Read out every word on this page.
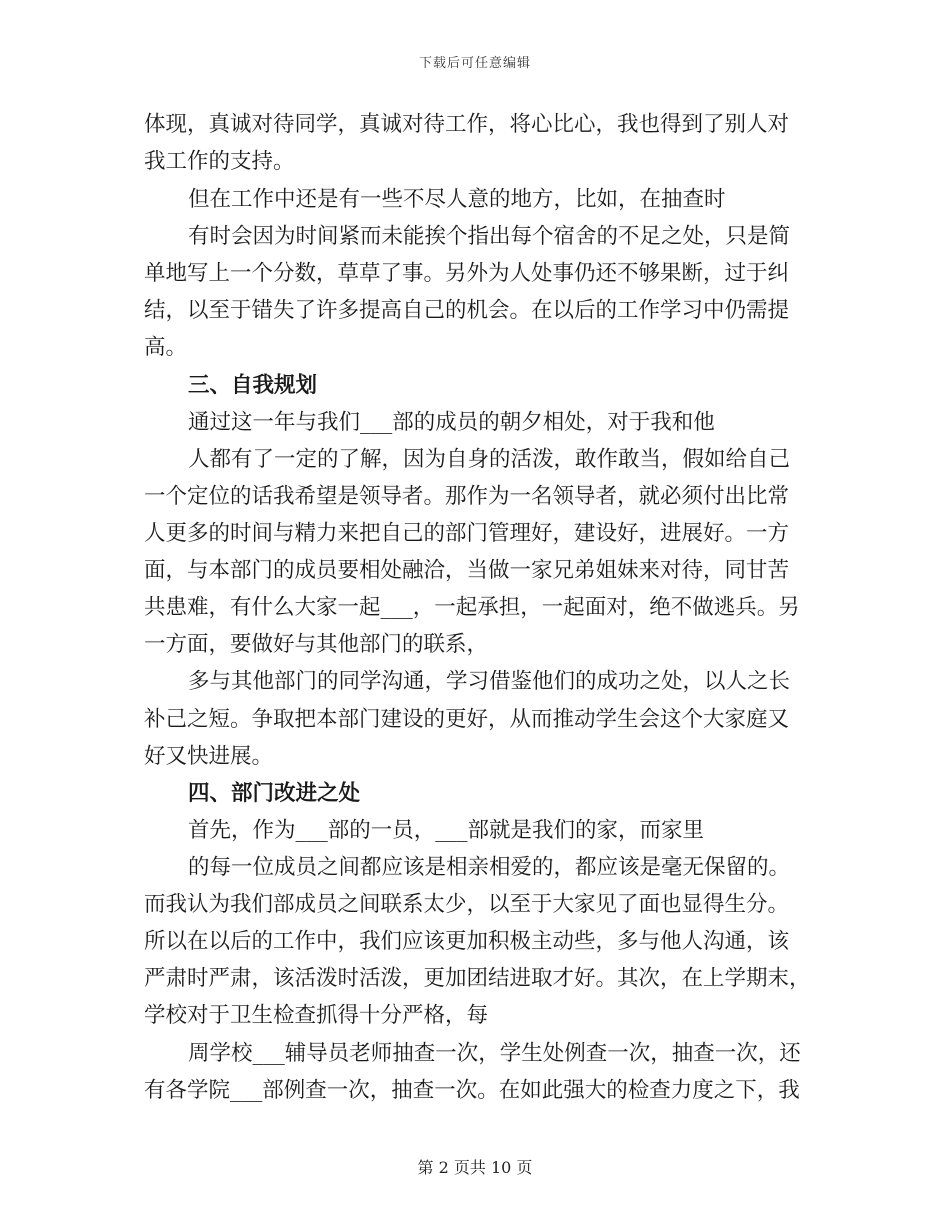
下载后可任意编辑
体现，真诚对待同学，真诚对待工作，将心比心，我也得到了别人对
我工作的支持。
但在工作中还是有一些不尽人意的地方，比如，在抽查时
有时会因为时间紧而未能挨个指出每个宿舍的不足之处，只是简
单地写上一个分数，草草了事。另外为人处事仍还不够果断，过于纠
结，以至于错失了许多提高自己的机会。在以后的工作学习中仍需提
高。
三、自我规划
通过这一年与我们___部的成员的朝夕相处，对于我和他
人都有了一定的了解，因为自身的活泼，敢作敢当，假如给自己
一个定位的话我希望是领导者。那作为一名领导者，就必须付出比常
人更多的时间与精力来把自己的部门管理好，建设好，进展好。一方
面，与本部门的成员要相处融洽，当做一家兄弟姐妹来对待，同甘苦
共患难，有什么大家一起___，一起承担，一起面对，绝不做逃兵。另
一方面，要做好与其他部门的联系，
多与其他部门的同学沟通，学习借鉴他们的成功之处，以人之长
补己之短。争取把本部门建设的更好，从而推动学生会这个大家庭又
好又快进展。
四、部门改进之处
首先，作为___部的一员，___部就是我们的家，而家里
的每一位成员之间都应该是相亲相爱的，都应该是毫无保留的。
而我认为我们部成员之间联系太少，以至于大家见了面也显得生分。
所以在以后的工作中，我们应该更加积极主动些，多与他人沟通，该
严肃时严肃，该活泼时活泼，更加团结进取才好。其次，在上学期末，
学校对于卫生检查抓得十分严格，每
周学校___辅导员老师抽查一次，学生处例查一次，抽查一次，还
有各学院___部例查一次，抽查一次。在如此强大的检查力度之下，我
第 2 页共 10 页
